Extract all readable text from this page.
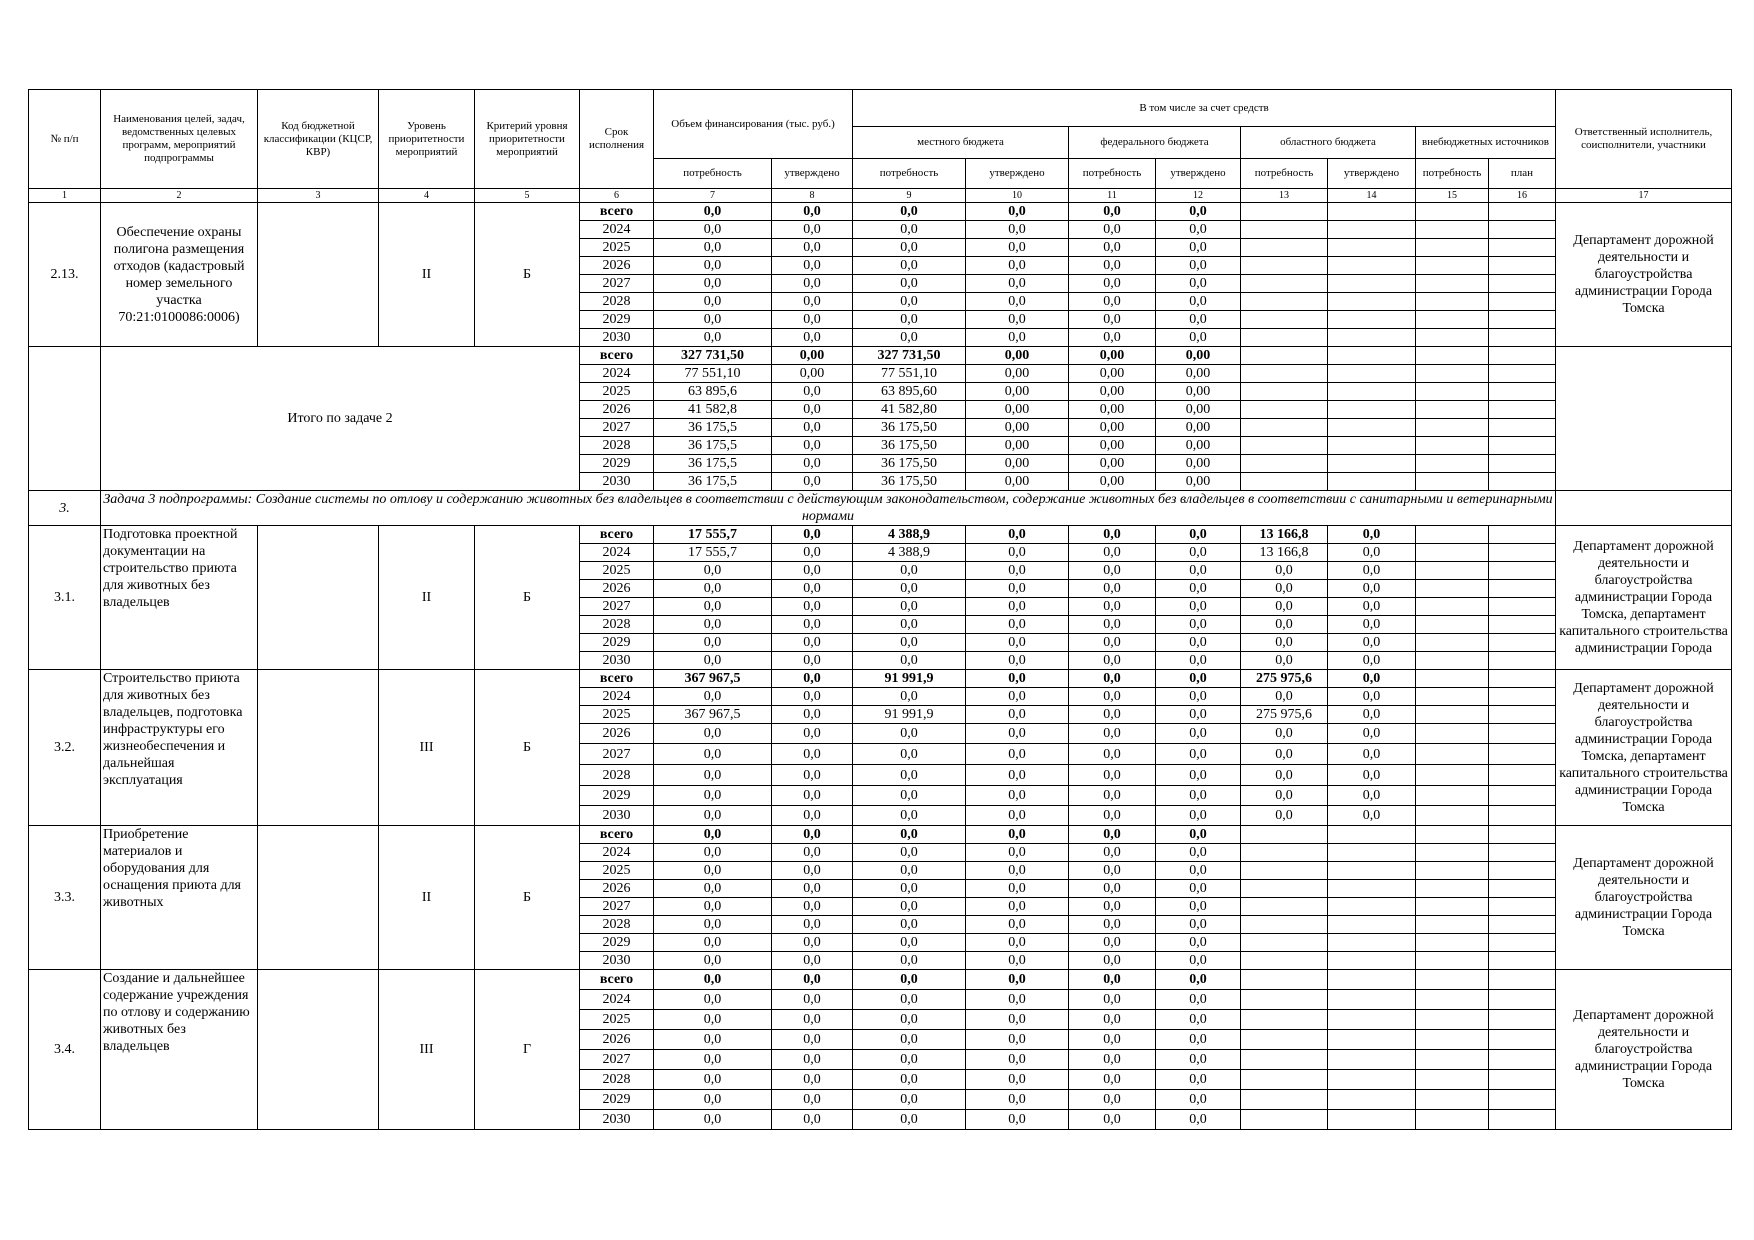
№ п/п	Наименования целей, задач, ведомственных целевых программ, мероприятий подпрограммы	Код бюджетной классификации (КЦСР, КВР)	Уровень приоритетности мероприятий	Критерий уровня приоритетности мероприятий	Срок исполнения	Объем финансирования (тыс. руб.)		В том числе за счет средств								Ответственный исполнитель, соисполнители, участники
								местного бюджета		федерального бюджета		областного бюджета		внебюджетных источников		
						потребность	утверждено	потребность	утверждено	потребность	утверждено	потребность	утверждено	потребность	план	
1	2	3	4	5	6	7	8	9	10	11	12	13	14	15	16	17
2.13.	Обеспечение охраны полигона размещения отходов (кадастровый номер земельного участка 70:21:0100086:0006)		II	Б	всего	0,0	0,0	0,0	0,0	0,0	0,0					Департамент дорожной деятельности и благоустройства администрации Города Томска
					2024	0,0	0,0	0,0	0,0	0,0	0,0					
					2025	0,0	0,0	0,0	0,0	0,0	0,0					
					2026	0,0	0,0	0,0	0,0	0,0	0,0					
					2027	0,0	0,0	0,0	0,0	0,0	0,0					
					2028	0,0	0,0	0,0	0,0	0,0	0,0					
					2029	0,0	0,0	0,0	0,0	0,0	0,0					
					2030	0,0	0,0	0,0	0,0	0,0	0,0					
	Итого по задаче 2				всего	327 731,50	0,00	327 731,50	0,00	0,00	0,00					
					2024	77 551,10	0,00	77 551,10	0,00	0,00	0,00					
					2025	63 895,6	0,0	63 895,60	0,00	0,00	0,00					
					2026	41 582,8	0,0	41 582,80	0,00	0,00	0,00					
					2027	36 175,5	0,0	36 175,50	0,00	0,00	0,00					
					2028	36 175,5	0,0	36 175,50	0,00	0,00	0,00					
					2029	36 175,5	0,0	36 175,50	0,00	0,00	0,00					
					2030	36 175,5	0,0	36 175,50	0,00	0,00	0,00					
3.	Задача 3 подпрограммы: Создание системы по отлову и содержанию животных без владельцев в соответствии с действующим законодательством, содержание животных без владельцев в соответствии с санитарными и ветеринарными нормами															
3.1.	Подготовка проектной документации на строительство приюта для животных без владельцев		II	Б	всего	17 555,7	0,0	4 388,9	0,0	0,0	0,0	13 166,8	0,0			Департамент дорожной деятельности и благоустройства администрации Города Томска, департамент капитального строительства администрации Города
					2024	17 555,7	0,0	4 388,9	0,0	0,0	0,0	13 166,8	0,0			
					2025	0,0	0,0	0,0	0,0	0,0	0,0	0,0	0,0			
					2026	0,0	0,0	0,0	0,0	0,0	0,0	0,0	0,0			
					2027	0,0	0,0	0,0	0,0	0,0	0,0	0,0	0,0			
					2028	0,0	0,0	0,0	0,0	0,0	0,0	0,0	0,0			
					2029	0,0	0,0	0,0	0,0	0,0	0,0	0,0	0,0			
					2030	0,0	0,0	0,0	0,0	0,0	0,0	0,0	0,0			
3.2.	Строительство приюта для животных без владельцев, подготовка инфраструктуры его жизнеобеспечения и дальнейшая эксплуатация		III	Б	всего	367 967,5	0,0	91 991,9	0,0	0,0	0,0	275 975,6	0,0			Департамент дорожной деятельности и благоустройства администрации Города Томска, департамент капитального строительства администрации Города Томска
					2024	0,0	0,0	0,0	0,0	0,0	0,0	0,0	0,0			
					2025	367 967,5	0,0	91 991,9	0,0	0,0	0,0	275 975,6	0,0			
					2026	0,0	0,0	0,0	0,0	0,0	0,0	0,0	0,0			
					2027	0,0	0,0	0,0	0,0	0,0	0,0	0,0	0,0			
					2028	0,0	0,0	0,0	0,0	0,0	0,0	0,0	0,0			
					2029	0,0	0,0	0,0	0,0	0,0	0,0	0,0	0,0			
					2030	0,0	0,0	0,0	0,0	0,0	0,0	0,0	0,0			
3.3.	Приобретение материалов и оборудования для оснащения приюта для животных		II	Б	всего	0,0	0,0	0,0	0,0	0,0	0,0					Департамент дорожной деятельности и благоустройства администрации Города Томска
					2024	0,0	0,0	0,0	0,0	0,0	0,0					
					2025	0,0	0,0	0,0	0,0	0,0	0,0					
					2026	0,0	0,0	0,0	0,0	0,0	0,0					
					2027	0,0	0,0	0,0	0,0	0,0	0,0					
					2028	0,0	0,0	0,0	0,0	0,0	0,0					
					2029	0,0	0,0	0,0	0,0	0,0	0,0					
					2030	0,0	0,0	0,0	0,0	0,0	0,0					
3.4.	Создание и дальнейшее содержание учреждения по отлову и содержанию животных без владельцев		III	Г	всего	0,0	0,0	0,0	0,0	0,0	0,0					Департамент дорожной деятельности и благоустройства администрации Города Томска
					2024	0,0	0,0	0,0	0,0	0,0	0,0					
					2025	0,0	0,0	0,0	0,0	0,0	0,0					
					2026	0,0	0,0	0,0	0,0	0,0	0,0					
					2027	0,0	0,0	0,0	0,0	0,0	0,0					
					2028	0,0	0,0	0,0	0,0	0,0	0,0					
					2029	0,0	0,0	0,0	0,0	0,0	0,0					
					2030	0,0	0,0	0,0	0,0	0,0	0,0					
